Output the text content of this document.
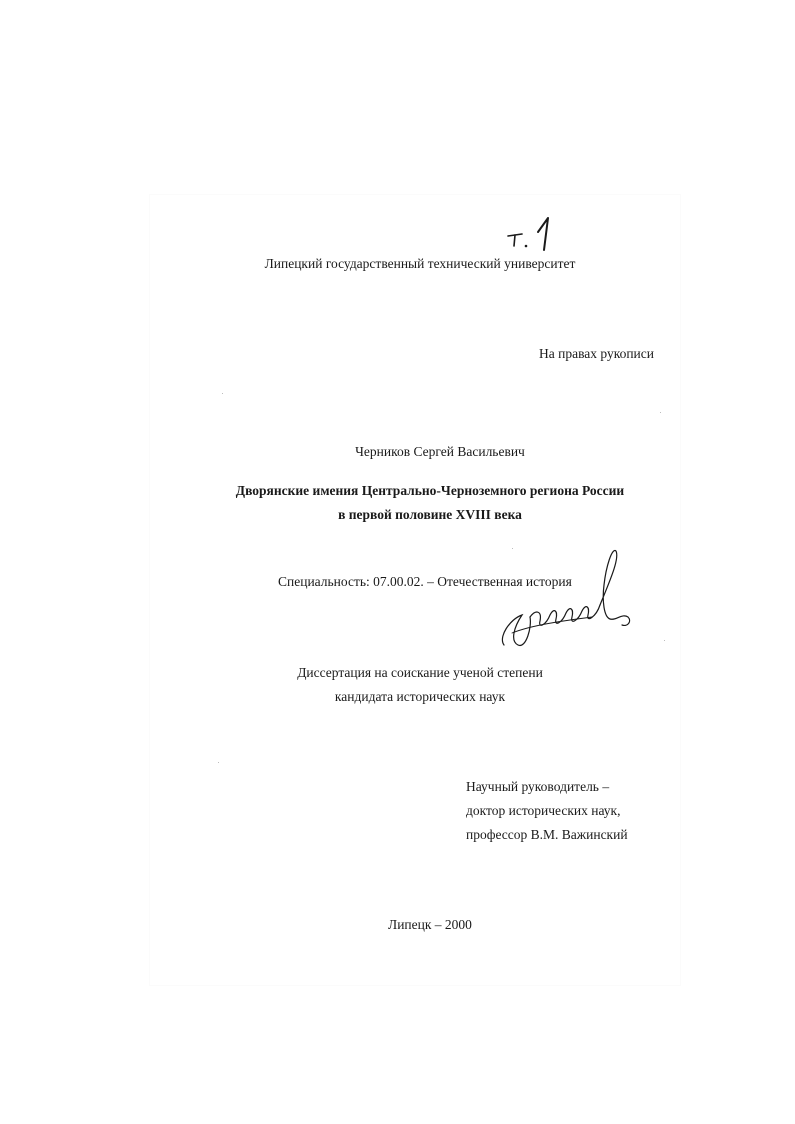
Липецкий государственный технический университет
На правах рукописи
Черников Сергей Васильевич
Дворянские имения Центрально-Черноземного региона России
в первой половине XVIII века
Специальность: 07.00.02. – Отечественная история
Диссертация на соискание ученой степени
кандидата исторических наук
Научный руководитель –
доктор исторических наук,
профессор В.М. Важинский
Липецк – 2000
